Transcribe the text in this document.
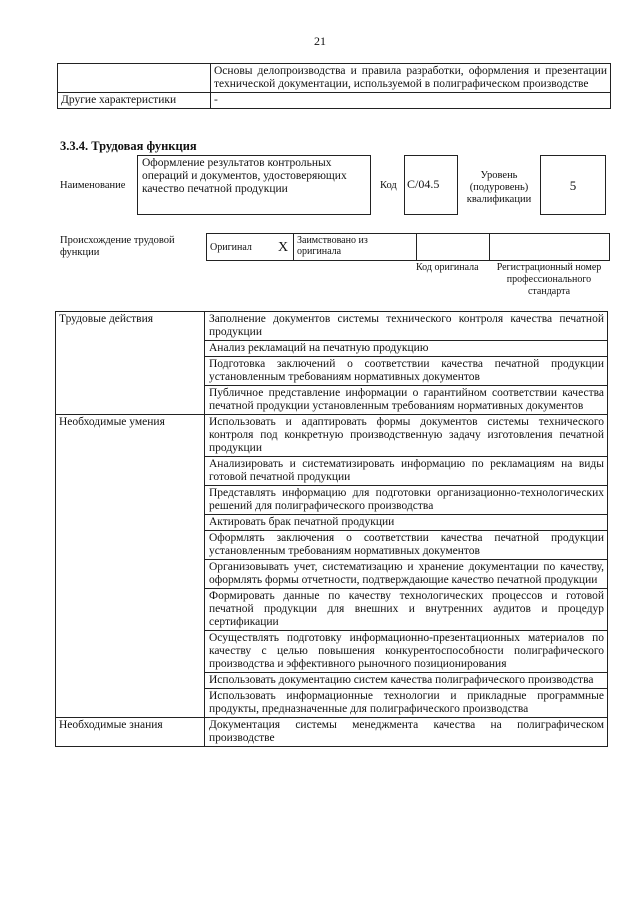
21
	Основы делопроизводства и правила разработки, оформления и презентации технической документации, используемой в полиграфическом производстве
Другие характеристики	-
3.3.4. Трудовая функция
Наименование
Оформление результатов контрольных операций и документов, удостоверяющих качество печатной продукции	Код C/04.5
Уровень (подуровень) квалификации
5
Происхождение трудовой функции	Оригинал	X	Заимствовано из оригинала		
Код оригинала	Регистрационный номер профессионального стандарта
Трудовые действия	Заполнение документов системы технического контроля качества печатной продукции
	Анализ рекламаций на печатную продукцию
	Подготовка заключений о соответствии качества печатной продукции установленным требованиям нормативных документов
	Публичное представление информации о гарантийном соответствии качества печатной продукции установленным требованиям нормативных документов
Необходимые умения	Использовать и адаптировать формы документов системы технического контроля под конкретную производственную задачу изготовления печатной продукции
	Анализировать и систематизировать информацию по рекламациям на виды готовой печатной продукции
	Представлять информацию для подготовки организационно-технологических решений для полиграфического производства
	Актировать брак печатной продукции
	Оформлять заключения о соответствии качества печатной продукции установленным требованиям нормативных документов
	Организовывать учет, систематизацию и хранение документации по качеству, оформлять формы отчетности, подтверждающие качество печатной продукции
	Формировать данные по качеству технологических процессов и готовой печатной продукции для внешних и внутренних аудитов и процедур сертификации
	Осуществлять подготовку информационно-презентационных материалов по качеству с целью повышения конкурентоспособности полиграфического производства и эффективного рыночного позиционирования
	Использовать документацию систем качества полиграфического производства
	Использовать информационные технологии и прикладные программные продукты, предназначенные для полиграфического производства
Необходимые знания	Документация системы менеджмента качества на полиграфическом производстве
